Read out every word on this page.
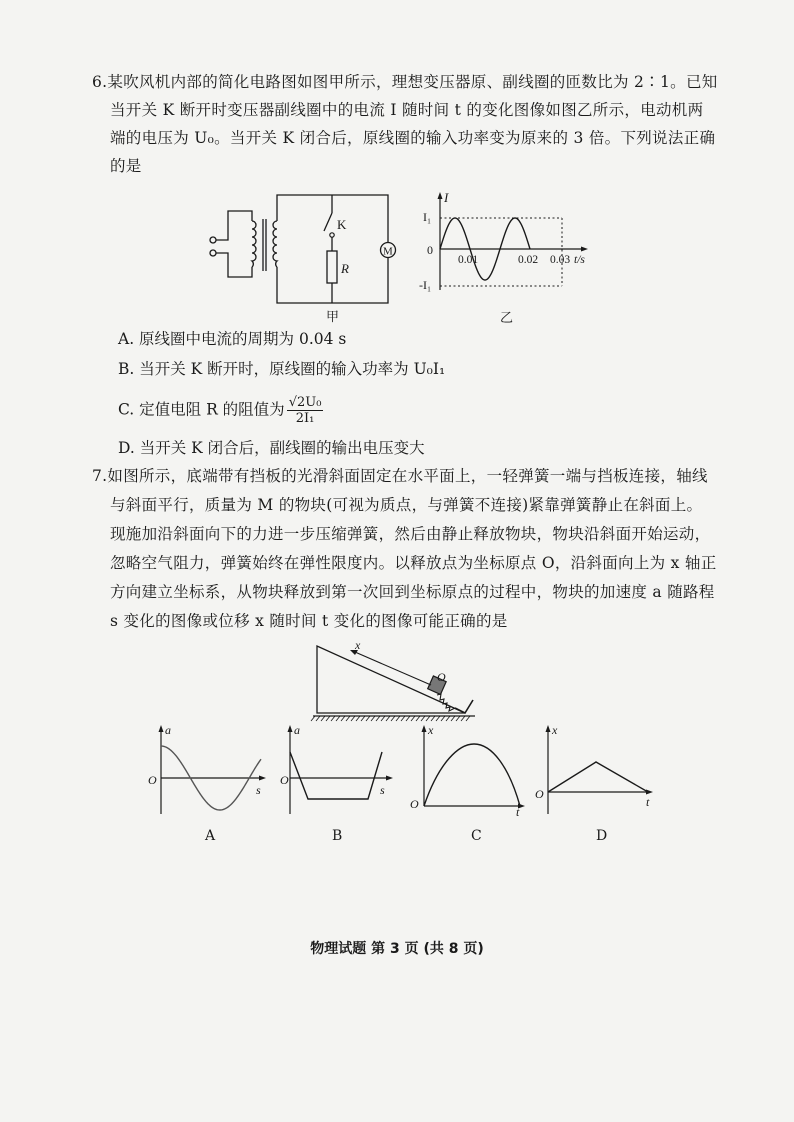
6.某吹风机内部的简化电路图如图甲所示，理想变压器原、副线圈的匝数比为 2∶1。已知
当开关 K 断开时变压器副线圈中的电流 I 随时间 t 的变化图像如图乙所示，电动机两
端的电压为 U₀。当开关 K 闭合后，原线圈的输入功率变为原来的 3 倍。下列说法正确
的是
K
R
M
甲
I
I₁
0
-I₁
0.01	0.02 0.03 t/s
乙
A. 原线圈中电流的周期为 0.04 s
B. 当开关 K 断开时，原线圈的输入功率为 U₀I₁
C. 定值电阻 R 的阻值为 $\frac{\text{√2U₀}}{\text{2I₁}}$
D. 当开关 K 闭合后，副线圈的输出电压变大
7.如图所示，底端带有挡板的光滑斜面固定在水平面上，一轻弹簧一端与挡板连接，轴线
与斜面平行，质量为 M 的物块(可视为质点，与弹簧不连接)紧靠弹簧静止在斜面上。
现施加沿斜面向下的力进一步压缩弹簧，然后由静止释放物块，物块沿斜面开始运动，
忽略空气阻力，弹簧始终在弹性限度内。以释放点为坐标原点 O，沿斜面向上为 x 轴正
方向建立坐标系，从物块释放到第一次回到坐标原点的过程中，物块的加速度 a 随路程
s 变化的图像或位移 x 随时间 t 变化的图像可能正确的是
x
O
a
O
s
A
a
O
s
B
x
O
t
C
x
O
t
D
物理试题 第 3 页 (共 8 页)
